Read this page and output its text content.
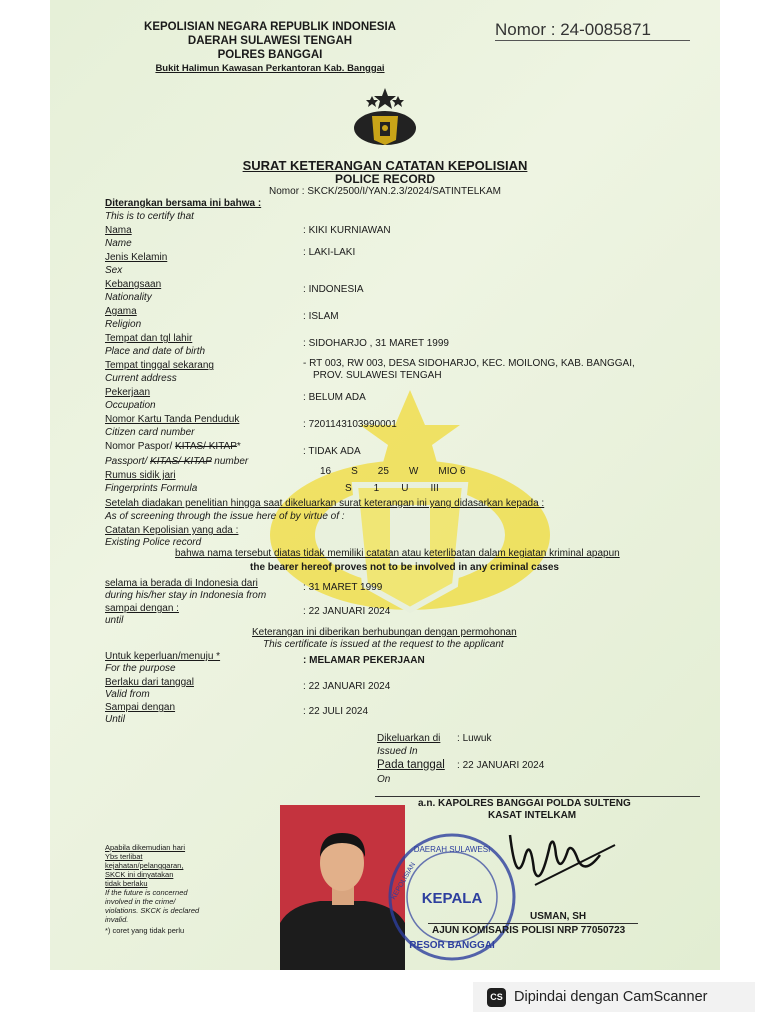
KEPOLISIAN NEGARA REPUBLIK INDONESIA
DAERAH SULAWESI TENGAH
POLRES BANGGAI
Bukit Halimun Kawasan Perkantoran Kab. Banggai
Nomor : 24-0085871
SURAT KETERANGAN CATATAN KEPOLISIAN
POLICE RECORD
Nomor : SKCK/2500/I/YAN.2.3/2024/SATINTELKAM
Diterangkan bersama ini bahwa :
This is to certify that
Nama
Name
Jenis Kelamin
Sex
Kebangsaan
Nationality
Agama
Religion
Tempat dan tgl lahir
Place and date of birth
Tempat tinggal sekarang
Current address
Pekerjaan
Occupation
Nomor Kartu Tanda Penduduk
Citizen card number
Nomor Paspor/ KITAS/ KITAP*
Passport/ KITAS/ KITAP number
Rumus sidik jari
Fingerprints Formula
: KIKI KURNIAWAN
: LAKI-LAKI
: INDONESIA
: ISLAM
: SIDOHARJO , 31 MARET 1999
- RT 003, RW 003, DESA SIDOHARJO, KEC. MOILONG, KAB. BANGGAI,
PROV. SULAWESI TENGAH
: BELUM ADA
: 7201143103990001
: TIDAK ADA
16 S 25 W MIO 6
S 1 U III
Setelah diadakan penelitian hingga saat dikeluarkan surat keterangan ini yang didasarkan kepada :
As of screening through the issue here of by virtue of :
Catatan Kepolisian yang ada :
Existing Police record
bahwa nama tersebut diatas tidak memiliki catatan atau keterlibatan dalam kegiatan kriminal apapun
the bearer hereof proves not to be involved in any criminal cases
selama ia berada di Indonesia dari
during his/her stay in Indonesia from
: 31 MARET 1999
sampai dengan :
until
: 22 JANUARI 2024
Keterangan ini diberikan berhubungan dengan permohonan
This certificate is issued at the request to the applicant
Untuk keperluan/menuju *
For the purpose
: MELAMAR PEKERJAAN
Berlaku dari tanggal
Valid from
: 22 JANUARI 2024
Sampai dengan
Until
: 22 JULI 2024
Dikeluarkan di
Issued In
: Luwuk
Pada tanggal
On
: 22 JANUARI 2024
a.n. KAPOLRES BANGGAI POLDA SULTENG
KASAT INTELKAM
DAERAH SULAWESI
KEPOLISIAN KEPALA
RESOR BANGGAI
USMAN, SH
AJUN KOMISARIS POLISI NRP 77050723
Apabila dikemudian hari
Ybs terlibat
kejahatan/pelanggaran,
SKCK ini dinyatakan
tidak berlaku
If the future is concerned
involved in the crime/
violations. SKCK is declared
invalid.
*) coret yang tidak perlu
CS Dipindai dengan CamScanner
